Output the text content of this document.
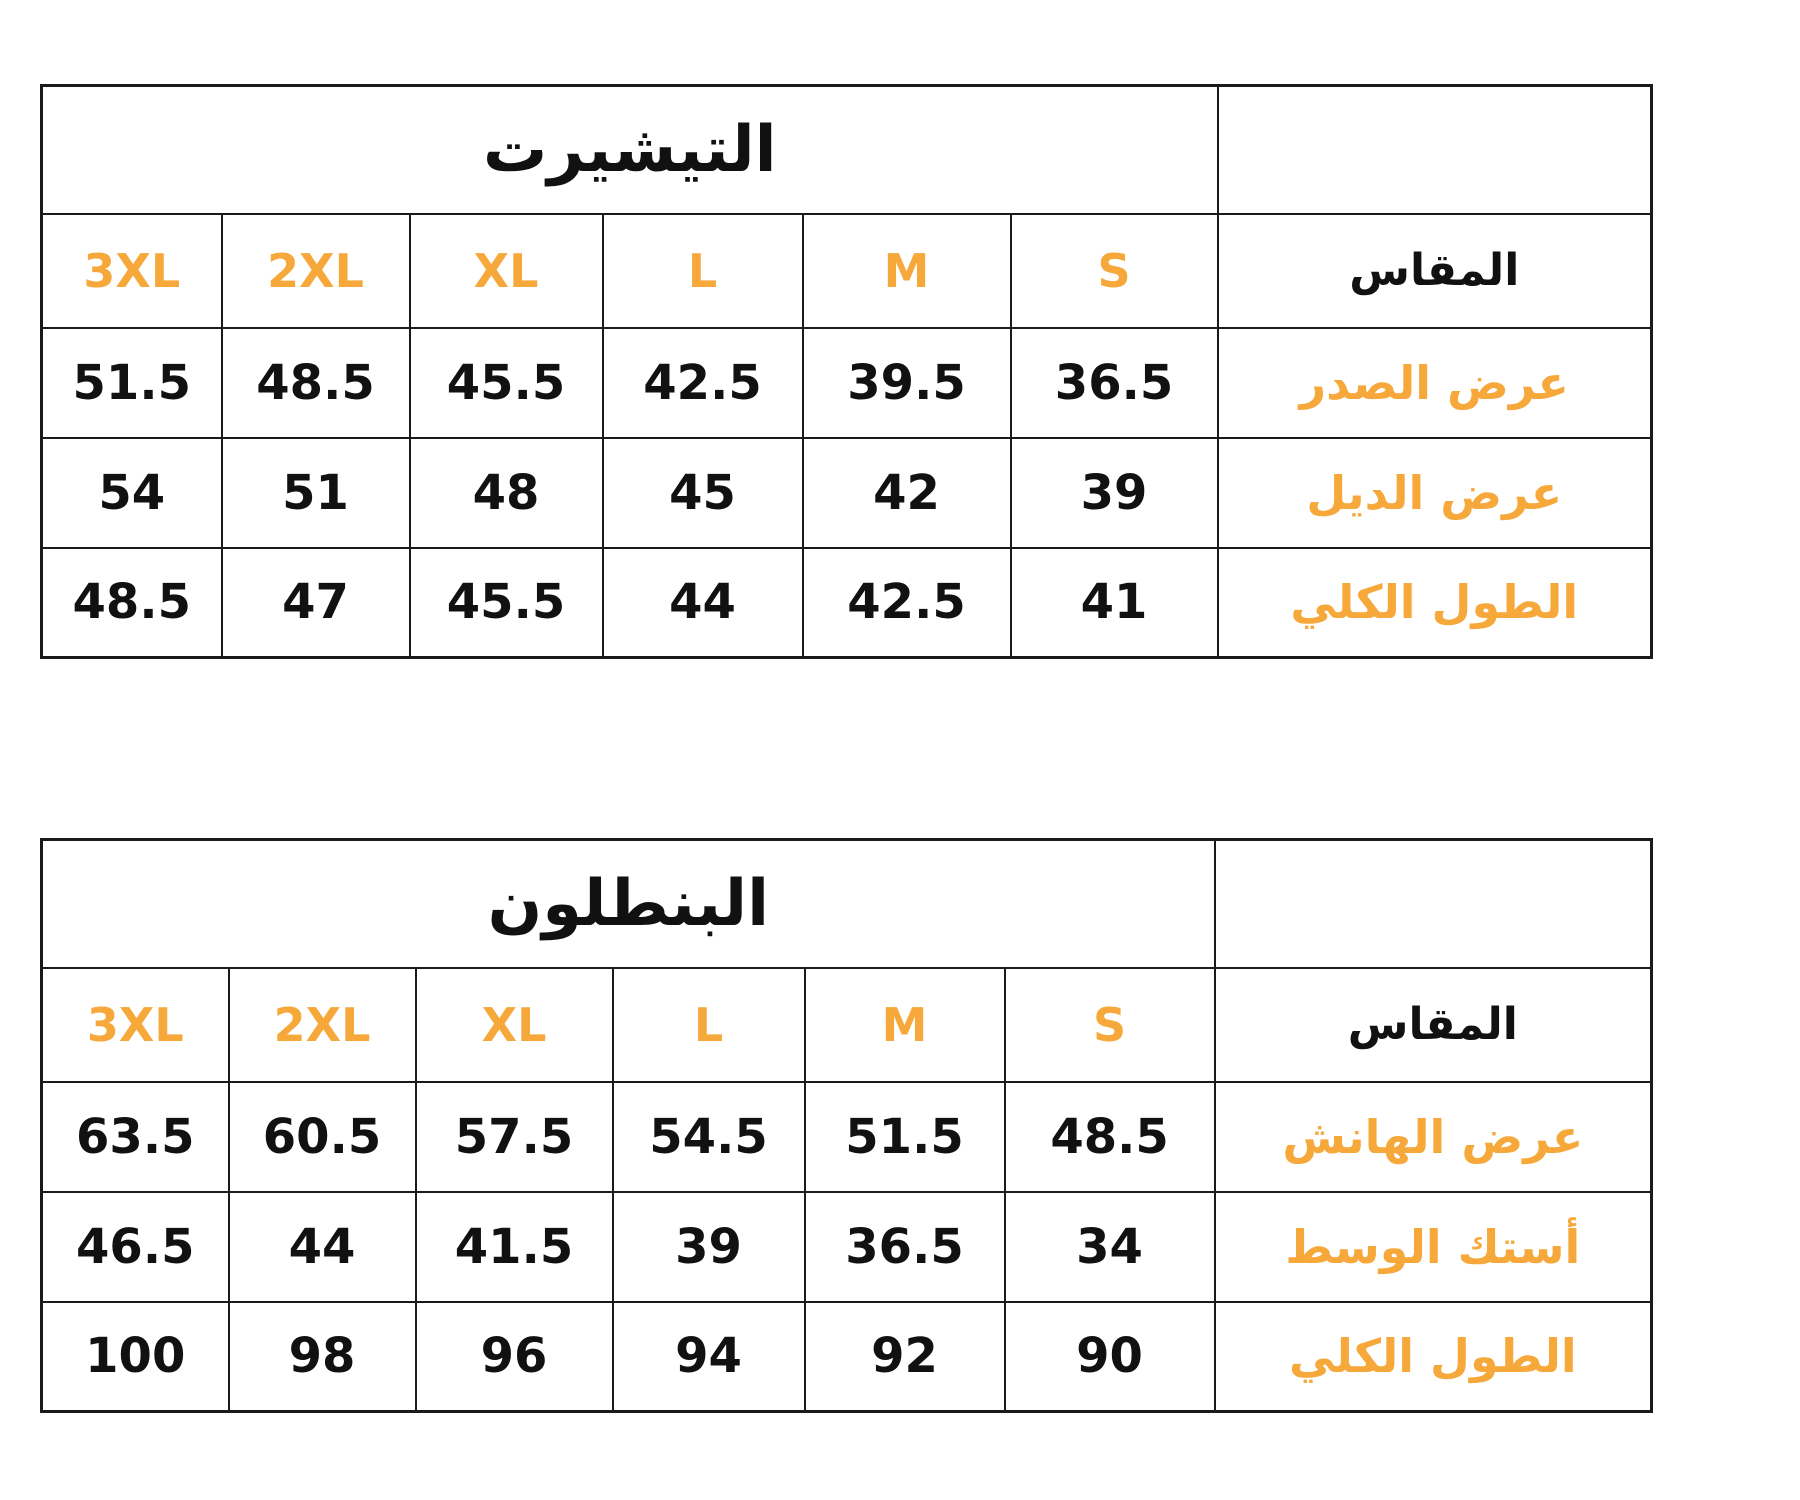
التيشيرت						
3XL	2XL	XL	L	M	S	المقاس
51.5	48.5	45.5	42.5	39.5	36.5	عرض الصدر
54	51	48	45	42	39	عرض الديل
48.5	47	45.5	44	42.5	41	الطول الكلي
البنطلون						
3XL	2XL	XL	L	M	S	المقاس
63.5	60.5	57.5	54.5	51.5	48.5	عرض الهانش
46.5	44	41.5	39	36.5	34	أستك الوسط
100	98	96	94	92	90	الطول الكلي
